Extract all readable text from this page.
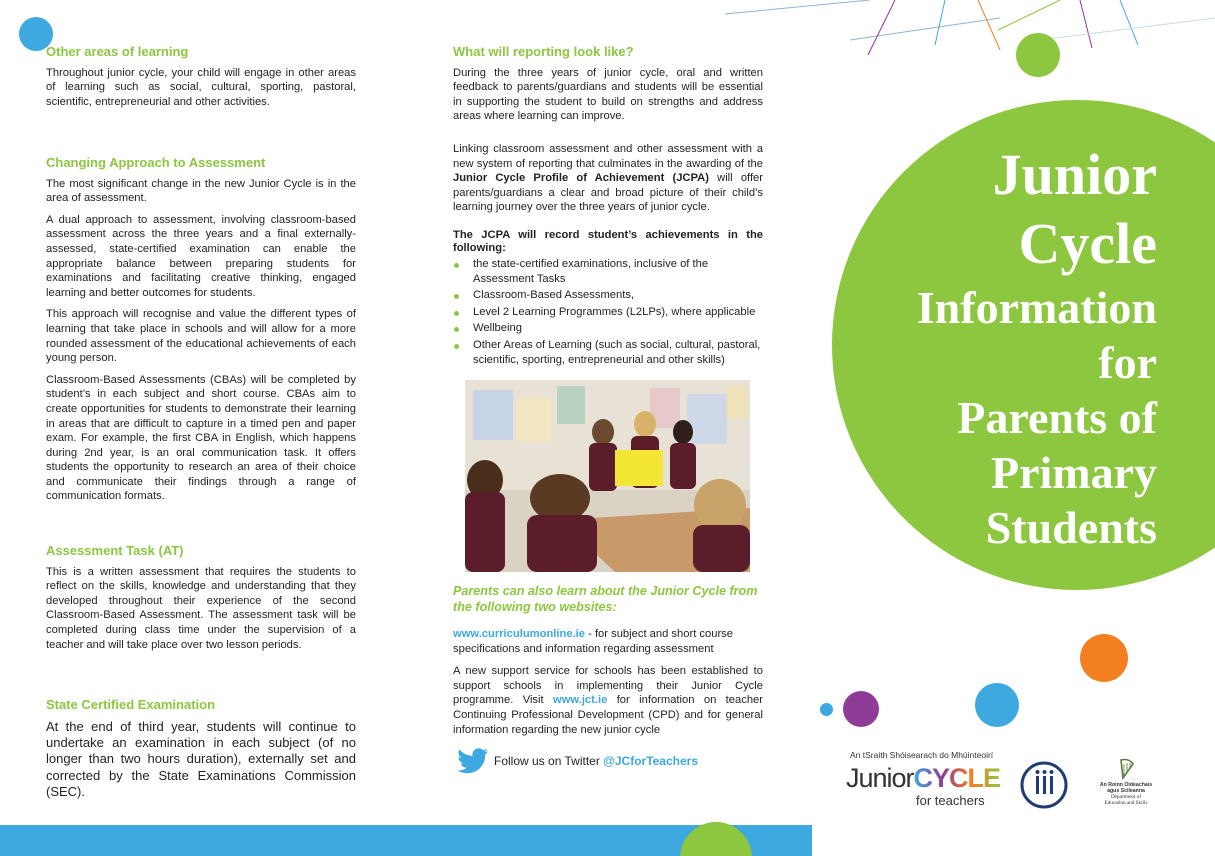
Other areas of learning
Throughout junior cycle, your child will engage in other areas of learning such as social, cultural, sporting, pastoral, scientific, entrepreneurial and other activities.
Changing Approach to Assessment
The most significant change in the new Junior Cycle is in the area of assessment.
A dual approach to assessment, involving classroom-based assessment across the three years and a final externally-assessed, state-certified examination can enable the appropriate balance between preparing students for examinations and facilitating creative thinking, engaged learning and better outcomes for students.
This approach will recognise and value the different types of learning that take place in schools and will allow for a more rounded assessment of the educational achievements of each young person.
Classroom-Based Assessments (CBAs) will be completed by student’s in each subject and short course. CBAs aim to create opportunities for students to demonstrate their learning in areas that are difficult to capture in a timed pen and paper exam. For example, the first CBA in English, which happens during 2nd year, is an oral communication task. It offers students the opportunity to research an area of their choice and communicate their findings through a range of communication formats.
Assessment Task (AT)
This is a written assessment that requires the students to reflect on the skills, knowledge and understanding that they developed throughout their experience of the second Classroom-Based Assessment. The assessment task will be completed during class time under the supervision of a teacher and will take place over two lesson periods.
State Certified Examination
At the end of third year, students will continue to undertake an examination in each subject (of no longer than two hours duration), externally set and corrected by the State Examinations Commission (SEC).
What will reporting look like?
During the three years of junior cycle, oral and written feedback to parents/guardians and students will be essential in supporting the student to build on strengths and address areas where learning can improve.
Linking classroom assessment and other assessment with a new system of reporting that culminates in the awarding of the Junior Cycle Profile of Achievement (JCPA) will offer parents/guardians a clear and broad picture of their child’s learning journey over the three years of junior cycle.
The JCPA will record student’s achievements in the following:
the state-certified examinations, inclusive of the Assessment Tasks
Classroom-Based Assessments,
Level 2 Learning Programmes (L2LPs), where applicable
Wellbeing
Other Areas of Learning (such as social, cultural, pastoral, scientific, sporting, entrepreneurial and other skills)
Parents can also learn about the Junior Cycle from the following two websites:
www.curriculumonline.ie - for subject and short course specifications and information regarding assessment
A new support service for schools has been established to support schools in implementing their Junior Cycle programme. Visit www.jct.ie for information on teacher Continuing Professional Development (CPD) and for general information regarding the new junior cycle
Follow us on Twitter @JCforTeachers
Junior
Cycle
Information
for
Parents of
Primary
Students
An tSraith Shóisearach do Mhúinteoirí
JuniorCYCLE
for teachers
An Roinn Oideachais
agus Scileanna
Department of
Education and Skills
